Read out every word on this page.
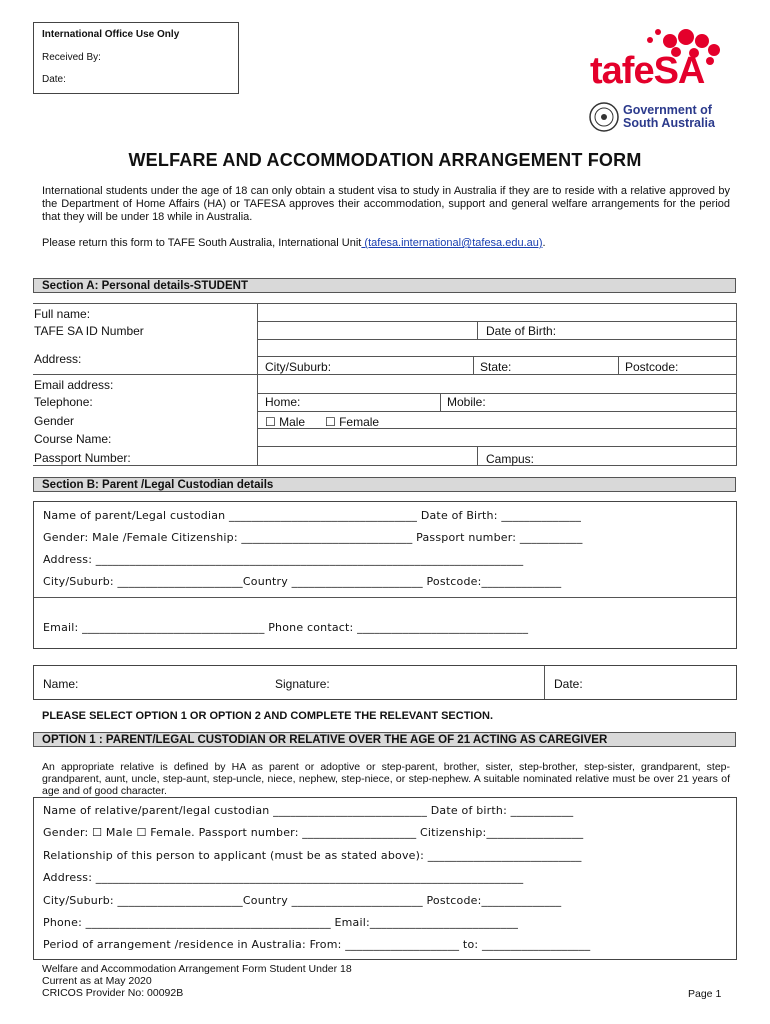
International Office Use Only
Received By:
Date:	tafeSA
Government of
South Australia
WELFARE AND ACCOMMODATION ARRANGEMENT FORM
International students under the age of 18 can only obtain a student visa to study in Australia if they are to reside with a relative approved by the Department of Home Affairs (HA) or TAFESA approves their accommodation, support and general welfare arrangements for the period that they will be under 18 while in Australia.
Please return this form to TAFE South Australia, International Unit (tafesa.international@tafesa.edu.au).
Section A: Personal details-STUDENT
Full name:
TAFE SA ID Number	Date of Birth:
Address:
City/Suburb:	State:	Postcode:
Email address:
Telephone:	Home:	Mobile:
Gender	☐ Male ☐ Female
Course Name:
Passport Number:	Campus:
Section B: Parent /Legal Custodian details
Name of parent/Legal custodian _________________________________ Date of Birth: ______________
Gender: Male /Female Citizenship: ______________________________ Passport number: ___________
Address: ___________________________________________________________________________
City/Suburb: ______________________Country _______________________ Postcode:______________
Email: ________________________________ Phone contact: ______________________________
Name:	Signature:	Date:
PLEASE SELECT OPTION 1 OR OPTION 2 AND COMPLETE THE RELEVANT SECTION.
OPTION 1 : PARENT/LEGAL CUSTODIAN OR RELATIVE OVER THE AGE OF 21 ACTING AS CAREGIVER
An appropriate relative is defined by HA as parent or adoptive or step-parent, brother, sister, step-brother, step-sister, grandparent, step-grandparent, aunt, uncle, step-aunt, step-uncle, niece, nephew, step-niece, or step-nephew. A suitable nominated relative must be over 21 years of age and of good character.
Name of relative/parent/legal custodian ___________________________ Date of birth: ___________
Gender: ☐ Male ☐ Female. Passport number: ____________________ Citizenship:_________________
Relationship of this person to applicant (must be as stated above): ___________________________
Address: ___________________________________________________________________________
City/Suburb: ______________________Country _______________________ Postcode:______________
Phone: ___________________________________________ Email:__________________________
Period of arrangement /residence in Australia: From: ____________________ to: ___________________
Welfare and Accommodation Arrangement Form Student Under 18
Current as at May 2020
CRICOS Provider No: 00092B	Page 1
